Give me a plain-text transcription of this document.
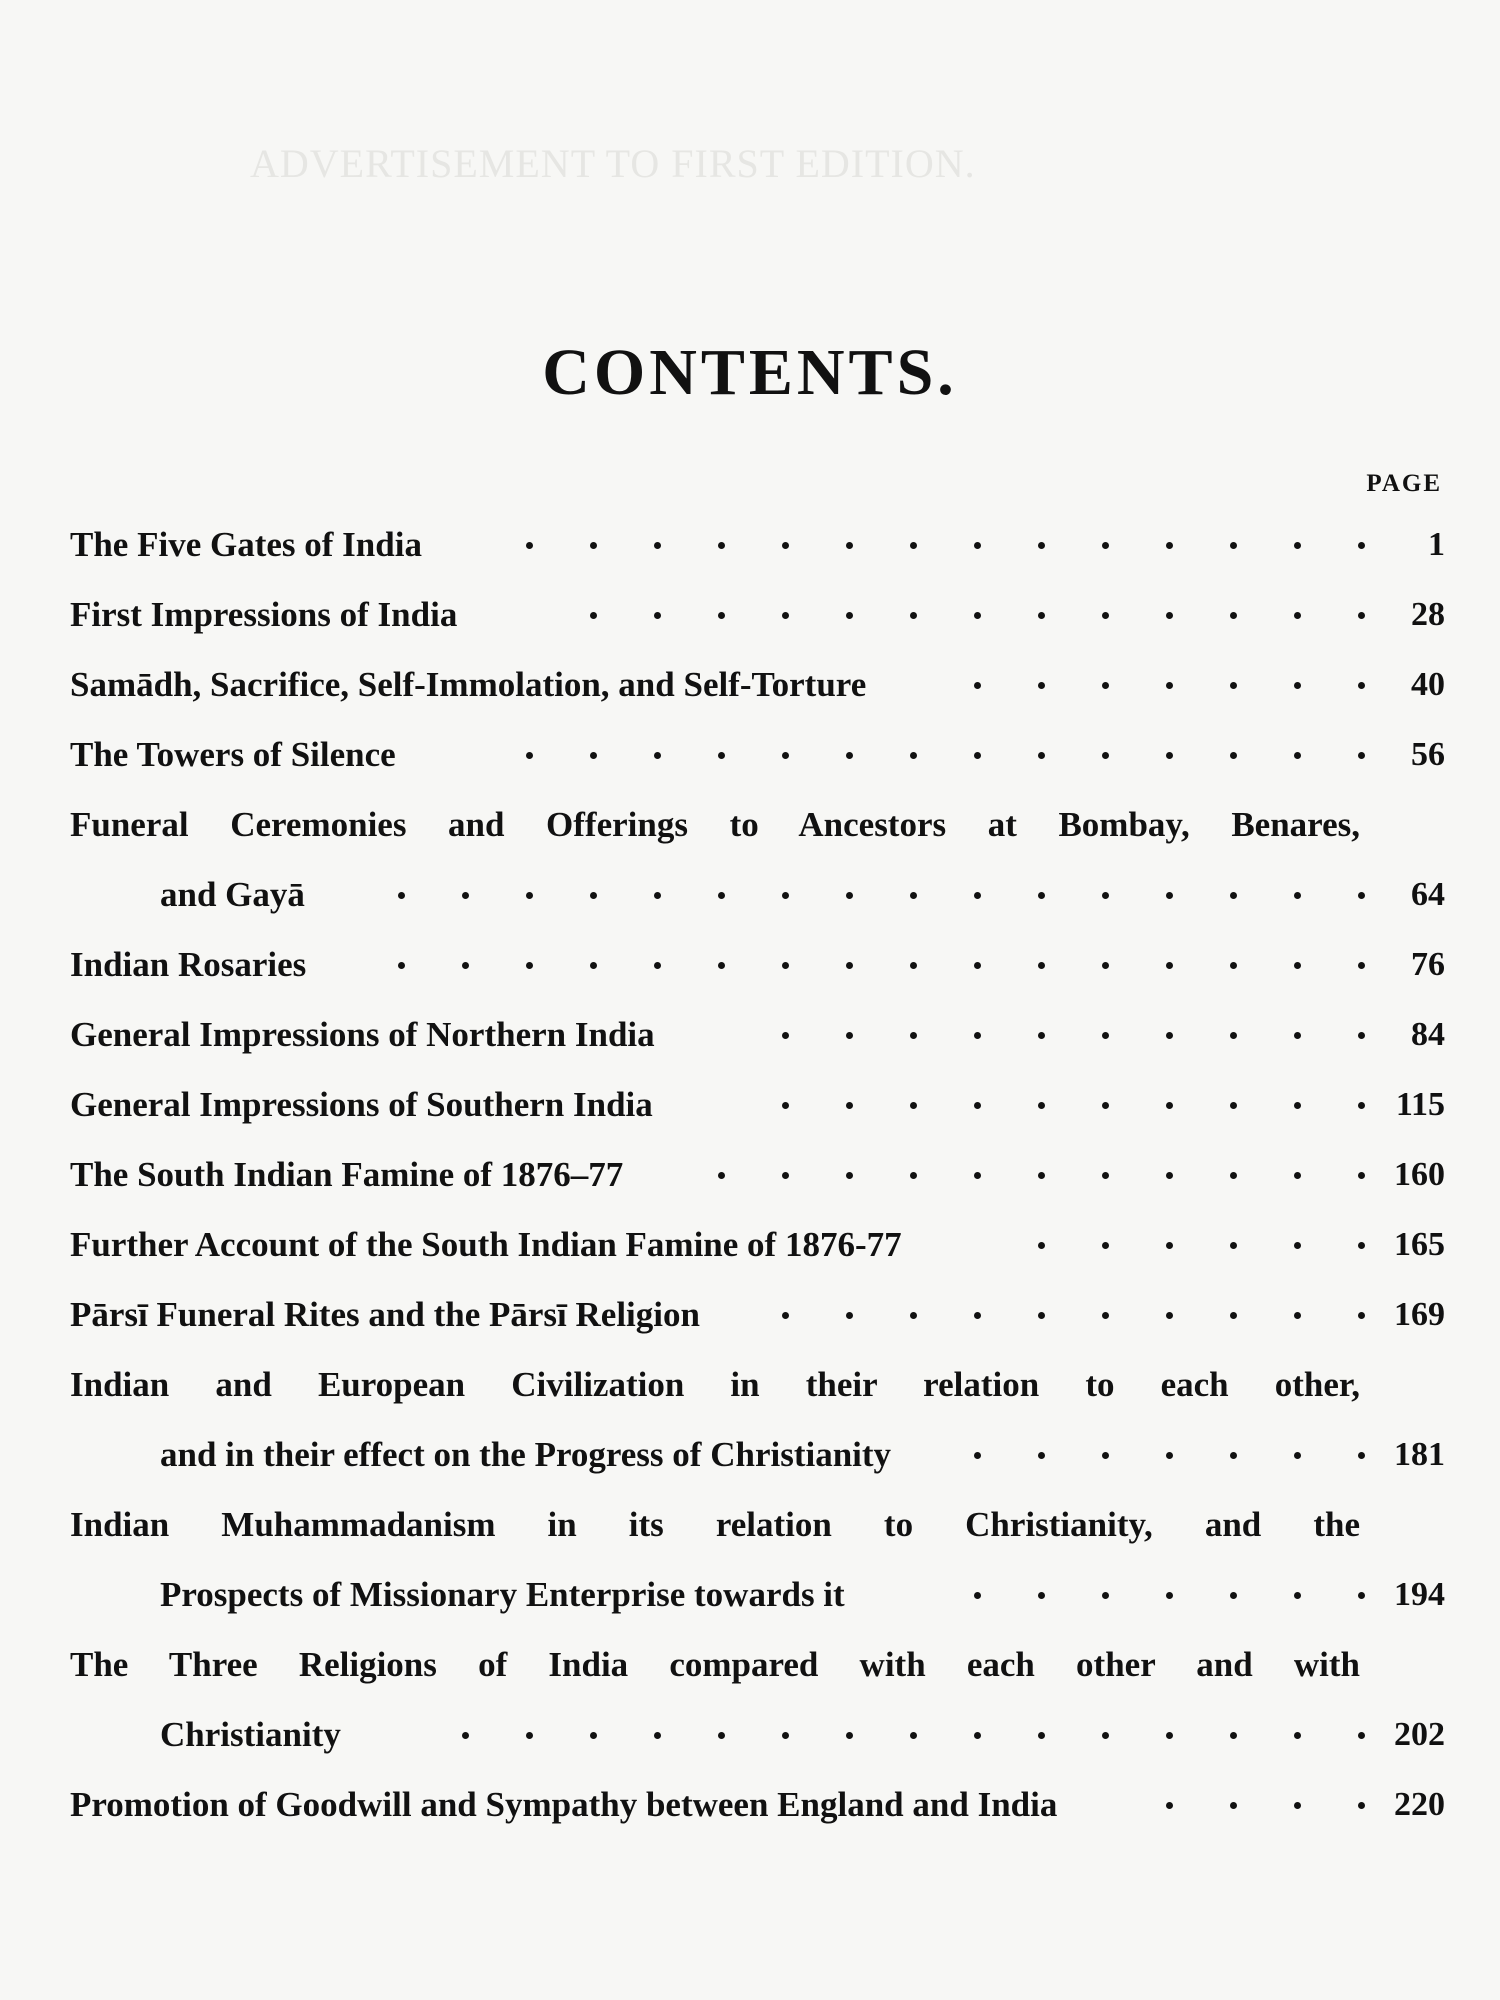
ADVERTISEMENT TO FIRST EDITION.
CONTENTS.
PAGE
The Five Gates of India	1
First Impressions of India	28
Samādh, Sacrifice, Self-Immolation, and Self-Torture	40
The Towers of Silence	56
Funeral Ceremonies and Offerings to Ancestors at Bombay, Benares,
and Gayā	64
Indian Rosaries	76
General Impressions of Northern India	84
General Impressions of Southern India	115
The South Indian Famine of 1876–77	160
Further Account of the South Indian Famine of 1876-77	165
Pārsī Funeral Rites and the Pārsī Religion	169
Indian and European Civilization in their relation to each other,
and in their effect on the Progress of Christianity	181
Indian Muhammadanism in its relation to Christianity, and the
Prospects of Missionary Enterprise towards it	194
The Three Religions of India compared with each other and with
Christianity	202
Promotion of Goodwill and Sympathy between England and India	220
